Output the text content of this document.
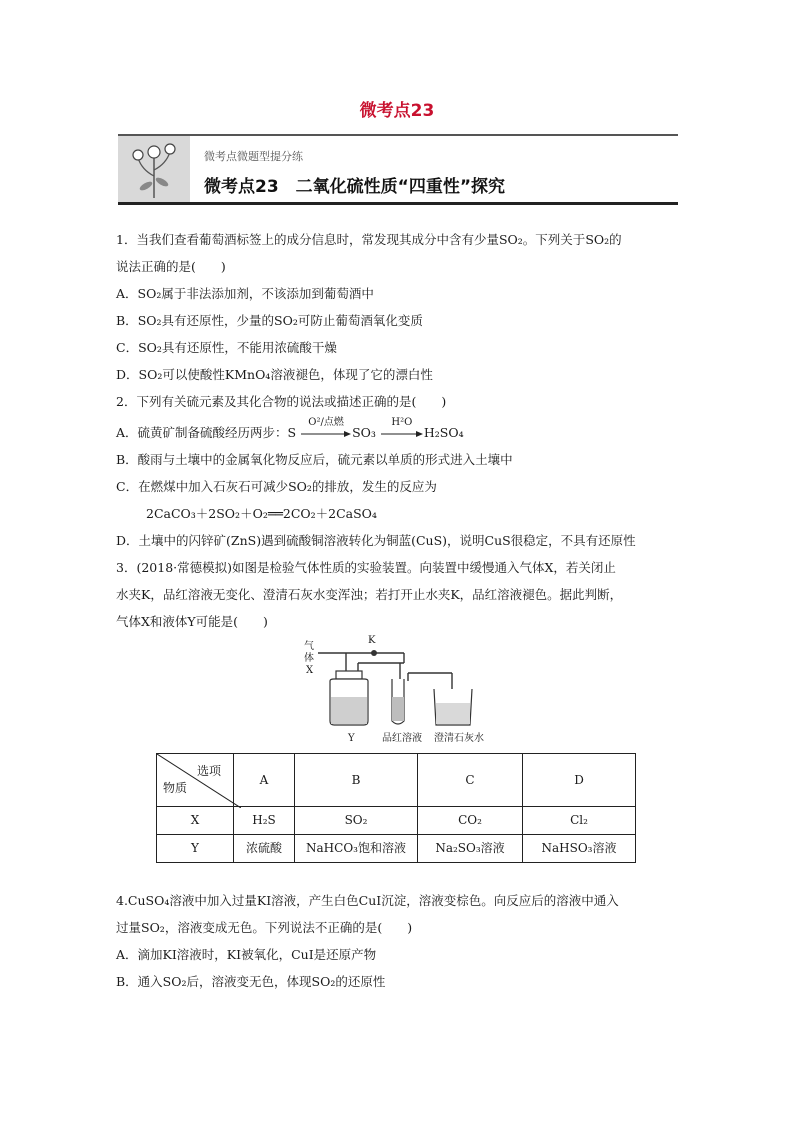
微考点23
微考点微题型提分练
微考点23　二氧化硫性质“四重性”探究
1．当我们查看葡萄酒标签上的成分信息时，常发现其成分中含有少量SO₂。下列关于SO₂的
说法正确的是(　　)
A．SO₂属于非法添加剂，不该添加到葡萄酒中
B．SO₂具有还原性，少量的SO₂可防止葡萄酒氧化变质
C．SO₂具有还原性，不能用浓硫酸干燥
D．SO₂可以使酸性KMnO₄溶液褪色，体现了它的漂白性
2．下列有关硫元素及其化合物的说法或描述正确的是(　　)
A．硫黄矿制备硫酸经历两步：S
O²/点燃
SO₃
H²O
H₂SO₄
B．酸雨与土壤中的金属氧化物反应后，硫元素以单质的形式进入土壤中
C．在燃煤中加入石灰石可减少SO₂的排放，发生的反应为
2CaCO₃＋2SO₂＋O₂══2CO₂＋2CaSO₄
D．土壤中的闪锌矿(ZnS)遇到硫酸铜溶液转化为铜蓝(CuS)，说明CuS很稳定，不具有还原性
3．(2018·常德模拟)如图是检验气体性质的实验装置。向装置中缓慢通入气体X，若关闭止
水夹K，品红溶液无变化、澄清石灰水变浑浊；若打开止水夹K，品红溶液褪色。据此判断，
气体X和液体Y可能是(　　)
气
体
X
K
Y	品红溶液 澄清石灰水
选项
物质	A	B	C	D
X	H₂S	SO₂	CO₂	Cl₂
Y	浓硫酸	NaHCO₃饱和溶液	Na₂SO₃溶液	NaHSO₃溶液
4.CuSO₄溶液中加入过量KI溶液，产生白色CuI沉淀，溶液变棕色。向反应后的溶液中通入
过量SO₂，溶液变成无色。下列说法不正确的是(　　)
A．滴加KI溶液时，KI被氧化，CuI是还原产物
B．通入SO₂后，溶液变无色，体现SO₂的还原性
